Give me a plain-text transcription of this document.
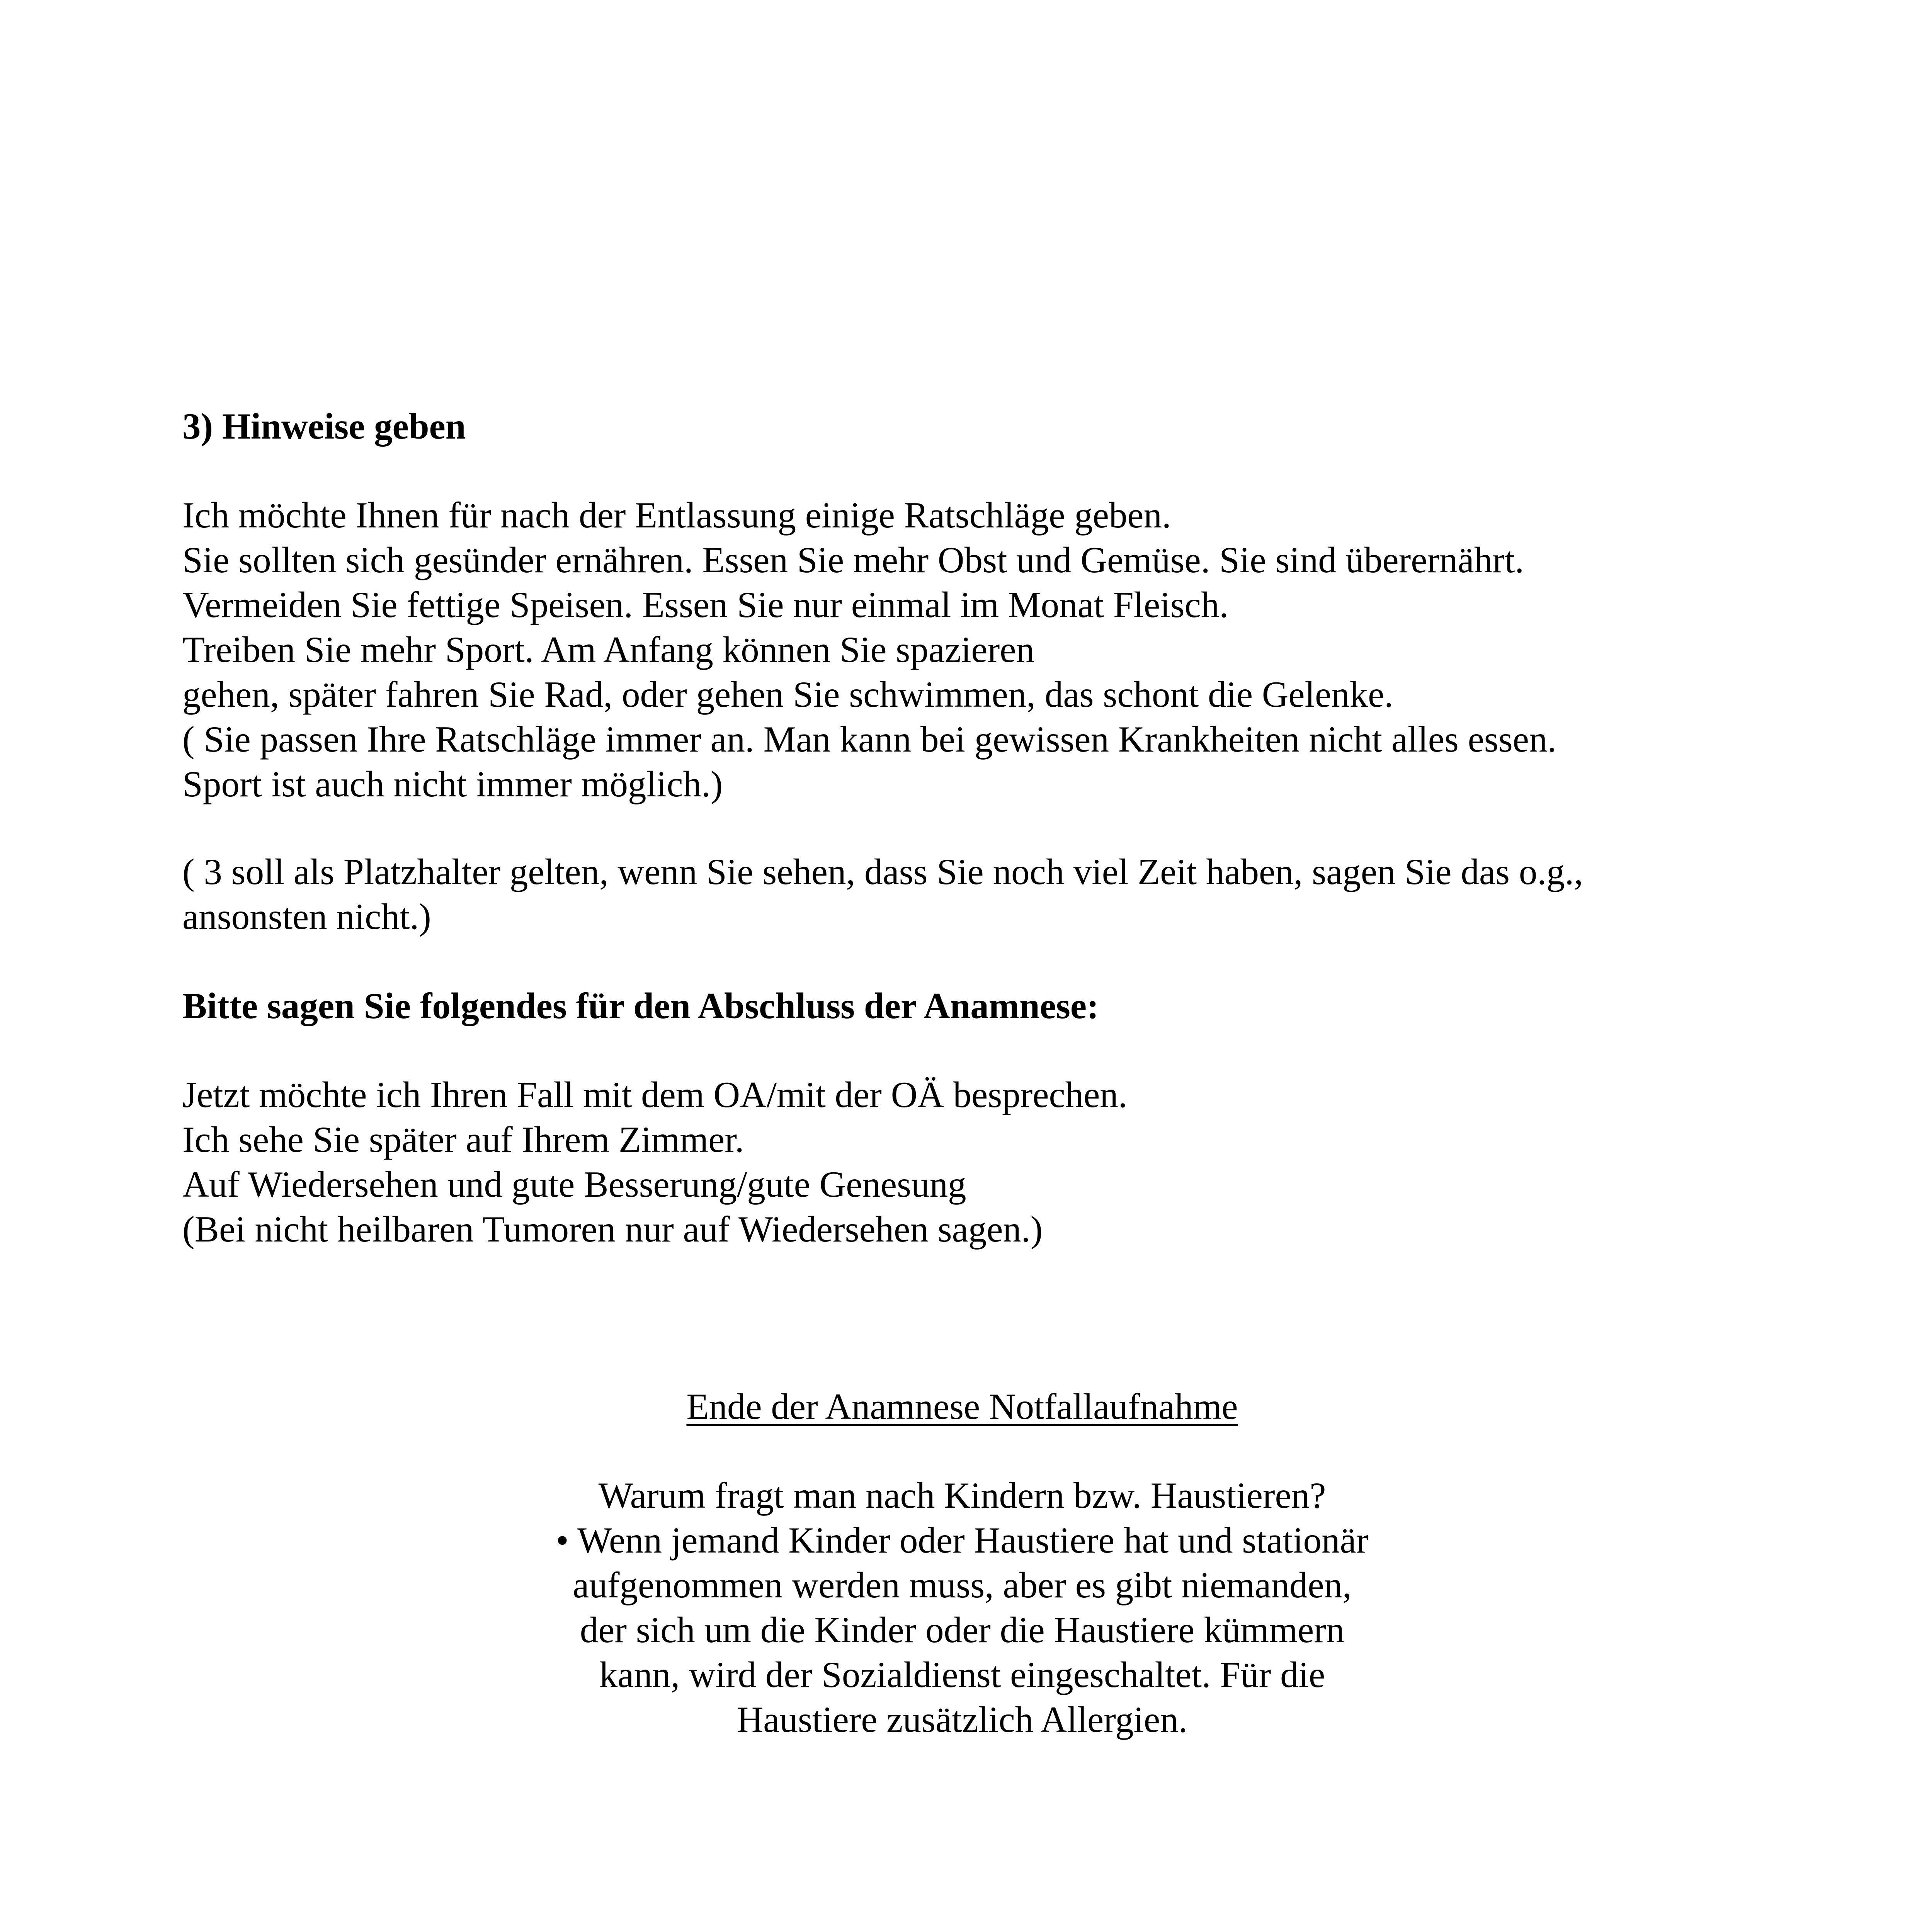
3) Hinweise geben
Ich möchte Ihnen für nach der Entlassung einige Ratschläge geben.
Sie sollten sich gesünder ernähren. Essen Sie mehr Obst und Gemüse. Sie sind überernährt.
Vermeiden Sie fettige Speisen. Essen Sie nur einmal im Monat Fleisch.
Treiben Sie mehr Sport. Am Anfang können Sie spazieren
gehen, später fahren Sie Rad, oder gehen Sie schwimmen, das schont die Gelenke.
( Sie passen Ihre Ratschläge immer an. Man kann bei gewissen Krankheiten nicht alles essen.
Sport ist auch nicht immer möglich.)
( 3 soll als Platzhalter gelten, wenn Sie sehen, dass Sie noch viel Zeit haben, sagen Sie das o.g.,
ansonsten nicht.)
Bitte sagen Sie folgendes für den Abschluss der Anamnese:
Jetzt möchte ich Ihren Fall mit dem OA/mit der OÄ besprechen.
Ich sehe Sie später auf Ihrem Zimmer.
Auf Wiedersehen und gute Besserung/gute Genesung
(Bei nicht heilbaren Tumoren nur auf Wiedersehen sagen.)
Ende der Anamnese Notfallaufnahme
Warum fragt man nach Kindern bzw. Haustieren?
• Wenn jemand Kinder oder Haustiere hat und stationär
aufgenommen werden muss, aber es gibt niemanden,
der sich um die Kinder oder die Haustiere kümmern
kann, wird der Sozialdienst eingeschaltet. Für die
Haustiere zusätzlich Allergien.
